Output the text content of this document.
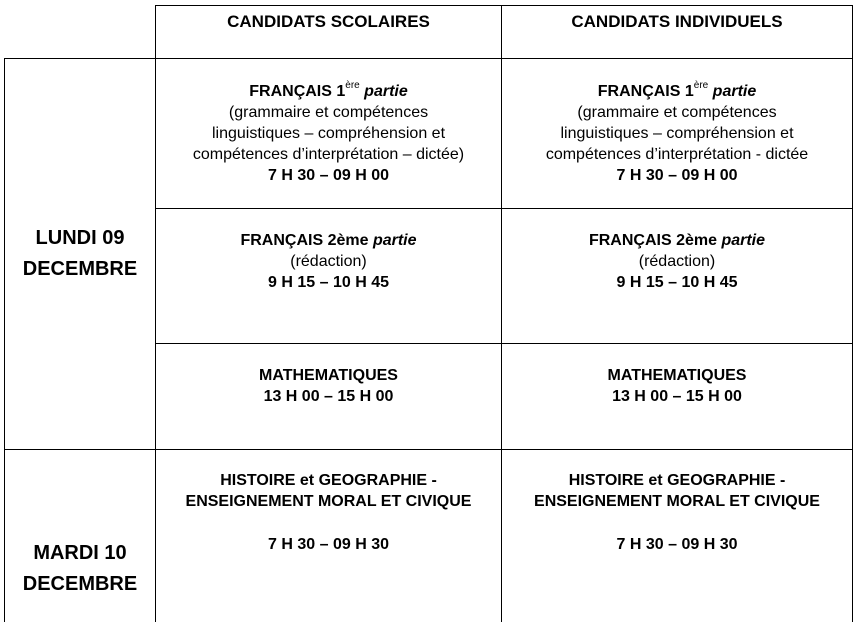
CANDIDATS SCOLAIRES	CANDIDATS INDIVIDUELS
LUNDI 09
DECEMBRE
MARDI 10
DECEMBRE
FRANÇAIS 1ère partie
(grammaire et compétences
linguistiques – compréhension et
compétences d’interprétation – dictée)
7 H 30 – 09 H 00
FRANÇAIS 1ère partie
(grammaire et compétences
linguistiques – compréhension et
compétences d’interprétation - dictée
7 H 30 – 09 H 00
FRANÇAIS 2ème partie
(rédaction)
9 H 15 – 10 H 45
FRANÇAIS 2ème partie
(rédaction)
9 H 15 – 10 H 45
MATHEMATIQUES
13 H 00 – 15 H 00
MATHEMATIQUES
13 H 00 – 15 H 00
HISTOIRE et GEOGRAPHIE -
ENSEIGNEMENT MORAL ET CIVIQUE
7 H 30 – 09 H 30
HISTOIRE et GEOGRAPHIE -
ENSEIGNEMENT MORAL ET CIVIQUE
7 H 30 – 09 H 30
